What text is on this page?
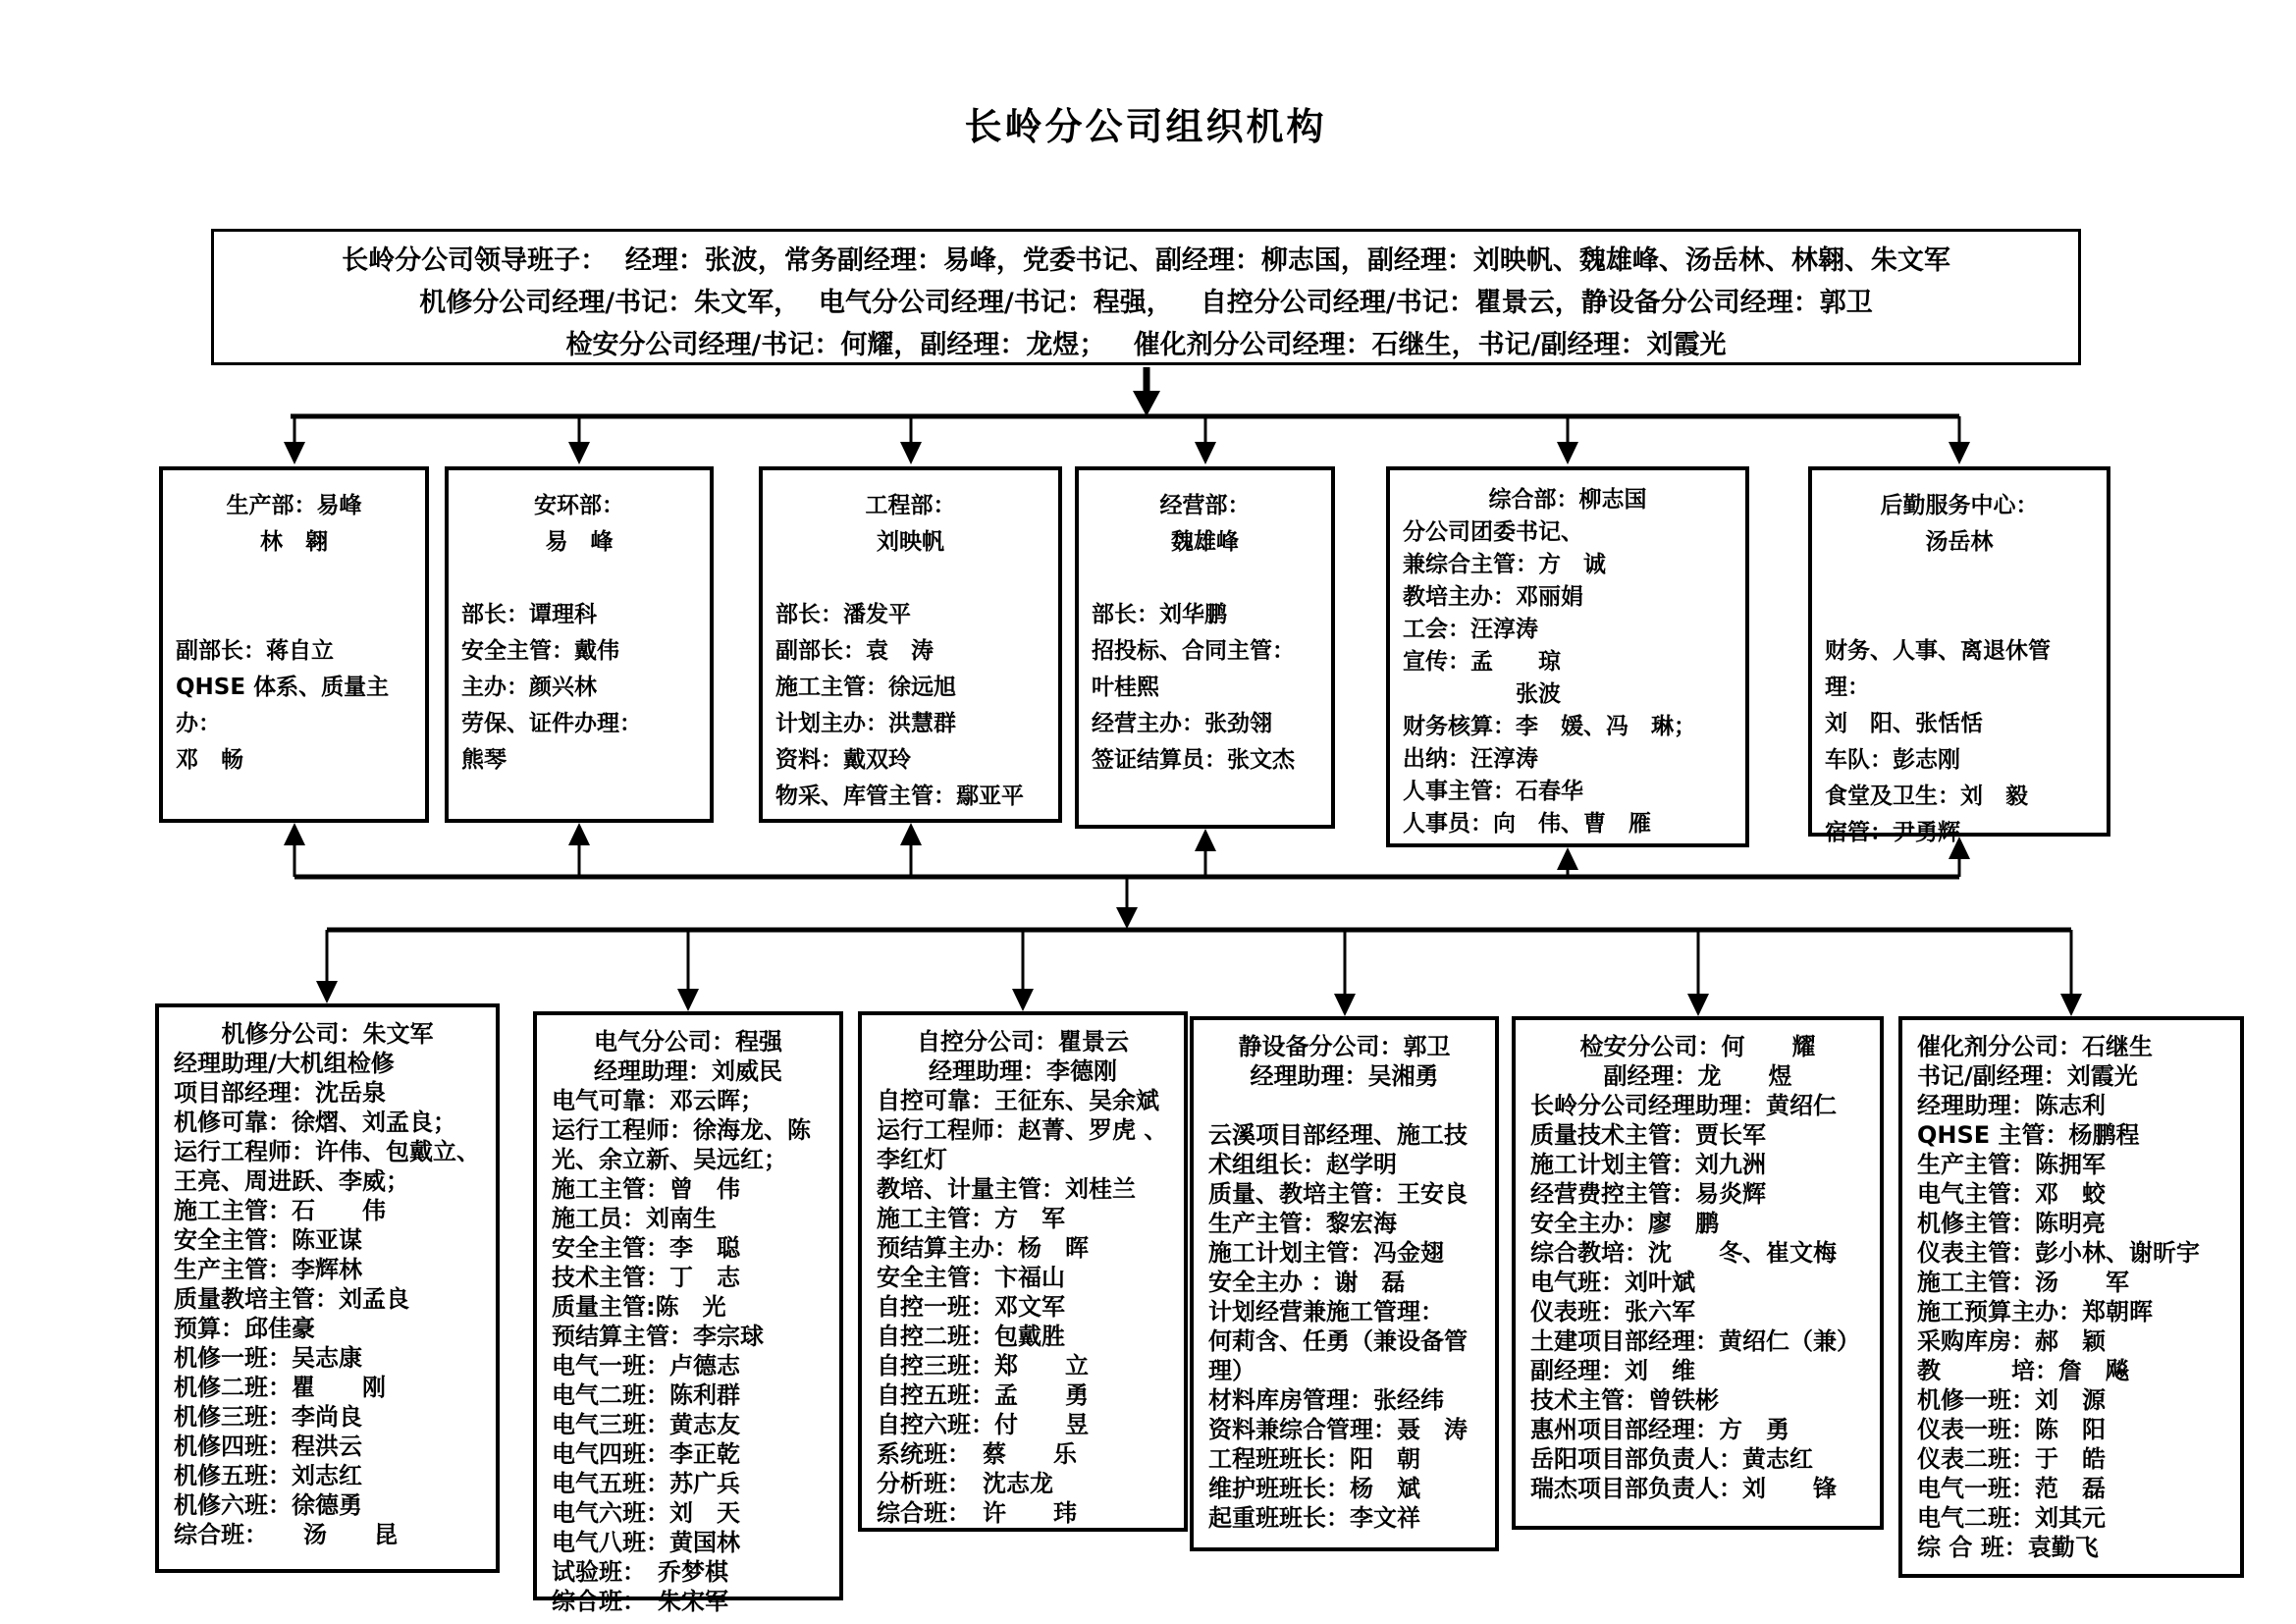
长岭分公司组织机构
长岭分公司领导班子：  经理：张波，常务副经理：易峰，党委书记、副经理：柳志国，副经理：刘映帆、魏雄峰、汤岳林、林翱、朱文军
机修分公司经理/书记：朱文军，  电气分公司经理/书记：程强，   自控分公司经理/书记：瞿景云，静设备分公司经理：郭卫
检安分公司经理/书记：何耀，副经理：龙煜；   催化剂分公司经理：石继生，书记/副经理：刘霞光
生产部：易峰
林　翱

副部长：蒋自立
QHSE 体系、质量主办：
邓　畅
安环部：
易　峰

部长：谭理科
安全主管：戴伟
主办：颜兴林
劳保、证件办理：
熊琴
工程部：
刘映帆

部长：潘发平
副部长：袁　涛
施工主管：徐远旭
计划主办：洪慧群
资料：戴双玲
物采、库管主管：鄢亚平
经营部：
魏雄峰

部长：刘华鹏
招投标、合同主管：
叶桂熙
经营主办：张劲翎
签证结算员：张文杰
综合部：柳志国
分公司团委书记、
兼综合主管：方　诚
教培主办：邓丽娟
工会：汪淳涛
宣传：孟　　琼
　　　　　张波
财务核算：李　媛、冯　琳；
出纳：汪淳涛
人事主管：石春华
人事员：向　伟、曹　雁
后勤服务中心：
汤岳林

财务、人事、离退休管理：
刘　阳、张恬恬
车队：彭志刚
食堂及卫生：刘　毅
宿管：尹勇辉
机修分公司：朱文军
经理助理/大机组检修
项目部经理：沈岳泉
机修可靠：徐熠、刘孟良；
运行工程师：许伟、包戴立、
王亮、周进跃、李威；
施工主管：石　　伟
安全主管：陈亚谋
生产主管：李辉林
质量教培主管：刘孟良
预算：邱佳豪
机修一班：吴志康
机修二班：瞿　　刚
机修三班：李尚良
机修四班：程洪云
机修五班：刘志红
机修六班：徐德勇
综合班：　　汤　　昆
电气分公司：程强
经理助理：刘威民
电气可靠：邓云晖；
运行工程师：徐海龙、陈
光、余立新、吴远红；
施工主管：曾　伟
施工员：刘南生
安全主管：李　聪
技术主管：丁　志
质量主管:陈　光
预结算主管：李宗球
电气一班：卢德志
电气二班：陈利群
电气三班：黄志友
电气四班：李正乾
电气五班：苏广兵
电气六班：刘　天
电气八班：黄国林
试验班：　乔梦棋
综合班：　朱宋军
自控分公司：瞿景云
经理助理：李德刚
自控可靠：王征东、吴余斌
运行工程师：赵菁、罗虎 、
李红灯
教培、计量主管：刘桂兰
施工主管：方　军
预结算主办：杨　晖
安全主管：卞福山
自控一班：邓文军
自控二班：包戴胜
自控三班：郑　　立
自控五班：孟　　勇
自控六班：付　　昱
系统班：　蔡　　乐
分析班：　沈志龙
综合班：　许　　玮
静设备分公司：郭卫
经理助理：吴湘勇

云溪项目部经理、施工技
术组组长：赵学明
质量、教培主管：王安良
生产主管：黎宏海
施工计划主管：冯金翅
安全主办 ：谢　磊
计划经营兼施工管理：
何莉含、任勇（兼设备管
理）
材料库房管理：张经纬
资料兼综合管理：聂　涛
工程班班长：阳　朝
维护班班长：杨　斌
起重班班长：李文祥
检安分公司：何　　耀
副经理：龙　　煜
长岭分公司经理助理：黄绍仁
质量技术主管：贾长军
施工计划主管：刘九洲
经营费控主管：易炎辉
安全主办：廖　鹏
综合教培：沈　　冬、崔文梅
电气班：刘叶斌
仪表班：张六军
土建项目部经理：黄绍仁（兼）
副经理：刘　维
技术主管：曾铁彬
惠州项目部经理：方　勇
岳阳项目部负责人：黄志红
瑞杰项目部负责人：刘　　锋
催化剂分公司：石继生
书记/副经理：刘霞光
经理助理：陈志利
QHSE 主管：杨鹏程
生产主管：陈拥军
电气主管：邓　蛟
机修主管：陈明亮
仪表主管：彭小林、谢昕宇
施工主管：汤　　军
施工预算主办：郑朝晖
采购库房：郝　颖
教　　　培：詹　飚
机修一班：刘　源
仪表一班：陈　阳
仪表二班：于　皓
电气一班：范　磊
电气二班：刘其元
综 合 班：袁勤飞
